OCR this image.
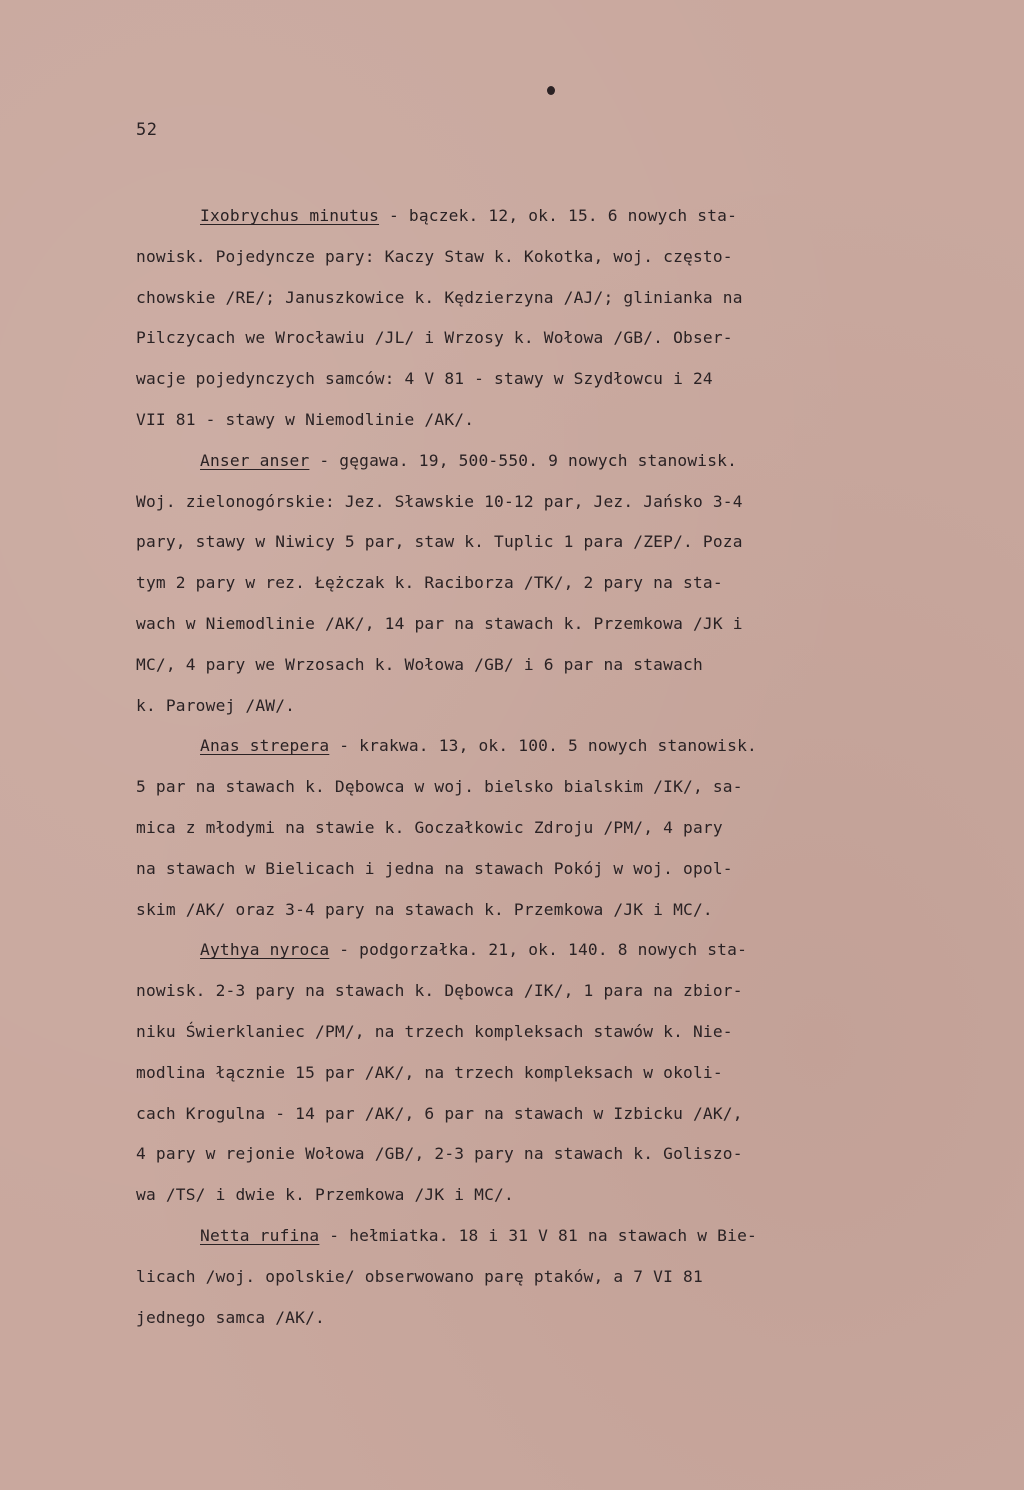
52
Ixobrychus minutus - bączek. 12, ok. 15. 6 nowych sta-
nowisk. Pojedyncze pary: Kaczy Staw k. Kokotka, woj. często-
chowskie /RE/; Januszkowice k. Kędzierzyna /AJ/; glinianka na
Pilczycach we Wrocławiu /JL/ i Wrzosy k. Wołowa /GB/. Obser-
wacje pojedynczych samców: 4 V 81 - stawy w Szydłowcu i 24
VII 81 - stawy w Niemodlinie /AK/.
Anser anser - gęgawa. 19, 500-550. 9 nowych stanowisk.
Woj. zielonogórskie: Jez. Sławskie 10-12 par, Jez. Jańsko 3-4
pary, stawy w Niwicy 5 par, staw k. Tuplic 1 para /ZEP/. Poza
tym 2 pary w rez. Łężczak k. Raciborza /TK/, 2 pary na sta-
wach w Niemodlinie /AK/, 14 par na stawach k. Przemkowa /JK i
MC/, 4 pary we Wrzosach k. Wołowa /GB/ i 6 par na stawach
k. Parowej /AW/.
Anas strepera - krakwa. 13, ok. 100. 5 nowych stanowisk.
5 par na stawach k. Dębowca w woj. bielsko bialskim /IK/, sa-
mica z młodymi na stawie k. Goczałkowic Zdroju /PM/, 4 pary
na stawach w Bielicach i jedna na stawach Pokój w woj. opol-
skim /AK/ oraz 3-4 pary na stawach k. Przemkowa /JK i MC/.
Aythya nyroca - podgorzałka. 21, ok. 140. 8 nowych sta-
nowisk. 2-3 pary na stawach k. Dębowca /IK/, 1 para na zbior-
niku Świerklaniec /PM/, na trzech kompleksach stawów k. Nie-
modlina łącznie 15 par /AK/, na trzech kompleksach w okoli-
cach Krogulna - 14 par /AK/, 6 par na stawach w Izbicku /AK/,
4 pary w rejonie Wołowa /GB/, 2-3 pary na stawach k. Goliszo-
wa /TS/ i dwie k. Przemkowa /JK i MC/.
Netta rufina - hełmiatka. 18 i 31 V 81 na stawach w Bie-
licach /woj. opolskie/ obserwowano parę ptaków, a 7 VI 81
jednego samca /AK/.
